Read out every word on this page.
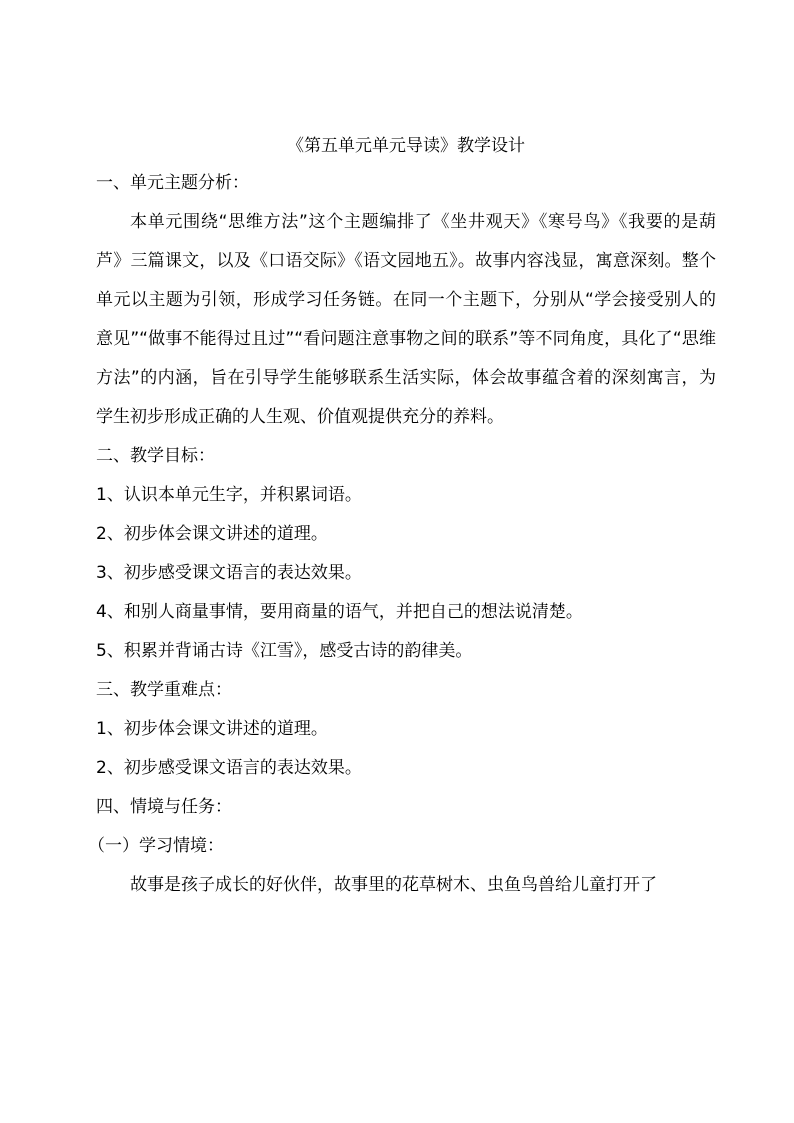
《第五单元单元导读》教学设计
一、单元主题分析：

本单元围绕“思维方法”这个主题编排了《坐井观天》《寒号鸟》《我要的是葫芦》三篇课文，以及《口语交际》《语文园地五》。故事内容浅显，寓意深刻。整个单元以主题为引领，形成学习任务链。在同一个主题下，分别从“学会接受别人的意见”“做事不能得过且过”“看问题注意事物之间的联系”等不同角度，具化了“思维方法”的内涵，旨在引导学生能够联系生活实际，体会故事蕴含着的深刻寓言，为学生初步形成正确的人生观、价值观提供充分的养料。

二、教学目标：
1、认识本单元生字，并积累词语。
2、初步体会课文讲述的道理。
3、初步感受课文语言的表达效果。
4、和别人商量事情，要用商量的语气，并把自己的想法说清楚。
5、积累并背诵古诗《江雪》，感受古诗的韵律美。
三、教学重难点：
1、初步体会课文讲述的道理。
2、初步感受课文语言的表达效果。
四、情境与任务：
（一）学习情境：

故事是孩子成长的好伙伴，故事里的花草树木、虫鱼鸟兽给儿童打开了
